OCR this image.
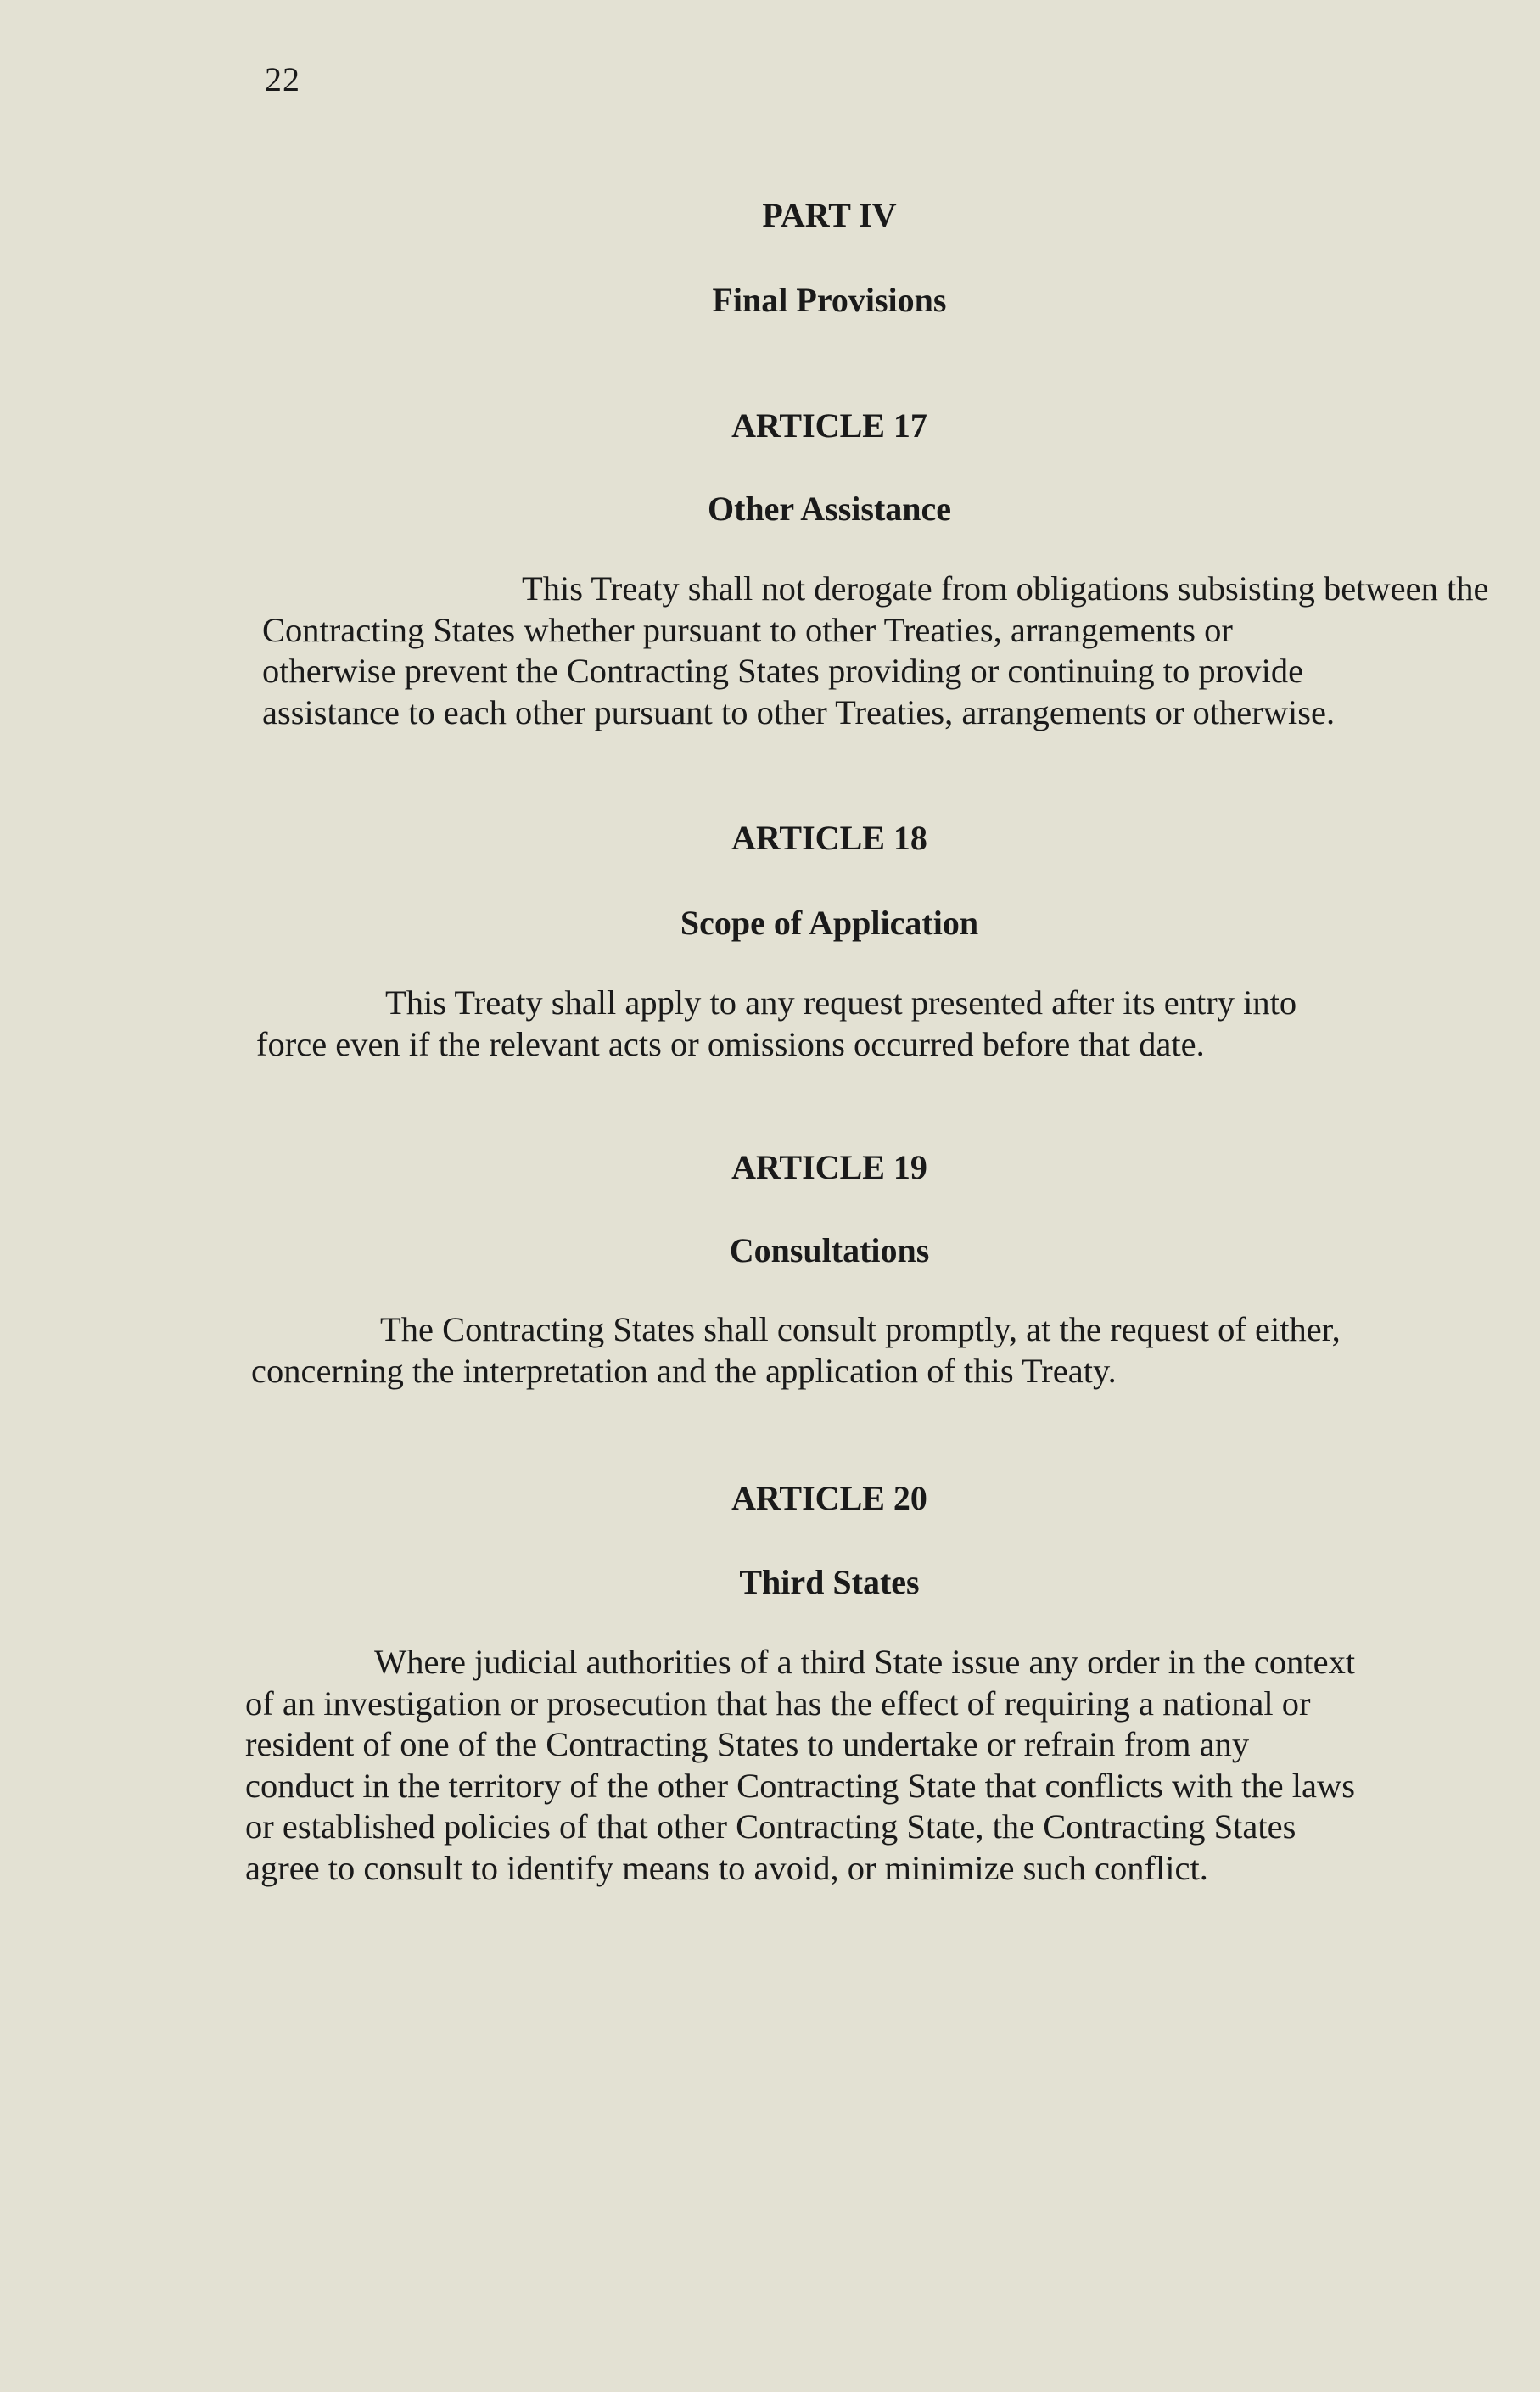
22
PART IV
Final Provisions
ARTICLE 17
Other Assistance
This Treaty shall not derogate from obligations subsisting between the
Contracting States whether pursuant to other Treaties, arrangements or
otherwise prevent the Contracting States providing or continuing to provide
assistance to each other pursuant to other Treaties, arrangements or otherwise.
ARTICLE 18
Scope of Application
This Treaty shall apply to any request presented after its entry into
force even if the relevant acts or omissions occurred before that date.
ARTICLE 19
Consultations
The Contracting States shall consult promptly, at the request of either,
concerning the interpretation and the application of this Treaty.
ARTICLE 20
Third States
Where judicial authorities of a third State issue any order in the context
of an investigation or prosecution that has the effect of requiring a national or
resident of one of the Contracting States to undertake or refrain from any
conduct in the territory of the other Contracting State that conflicts with the laws
or established policies of that other Contracting State, the Contracting States
agree to consult to identify means to avoid, or minimize such conflict.
